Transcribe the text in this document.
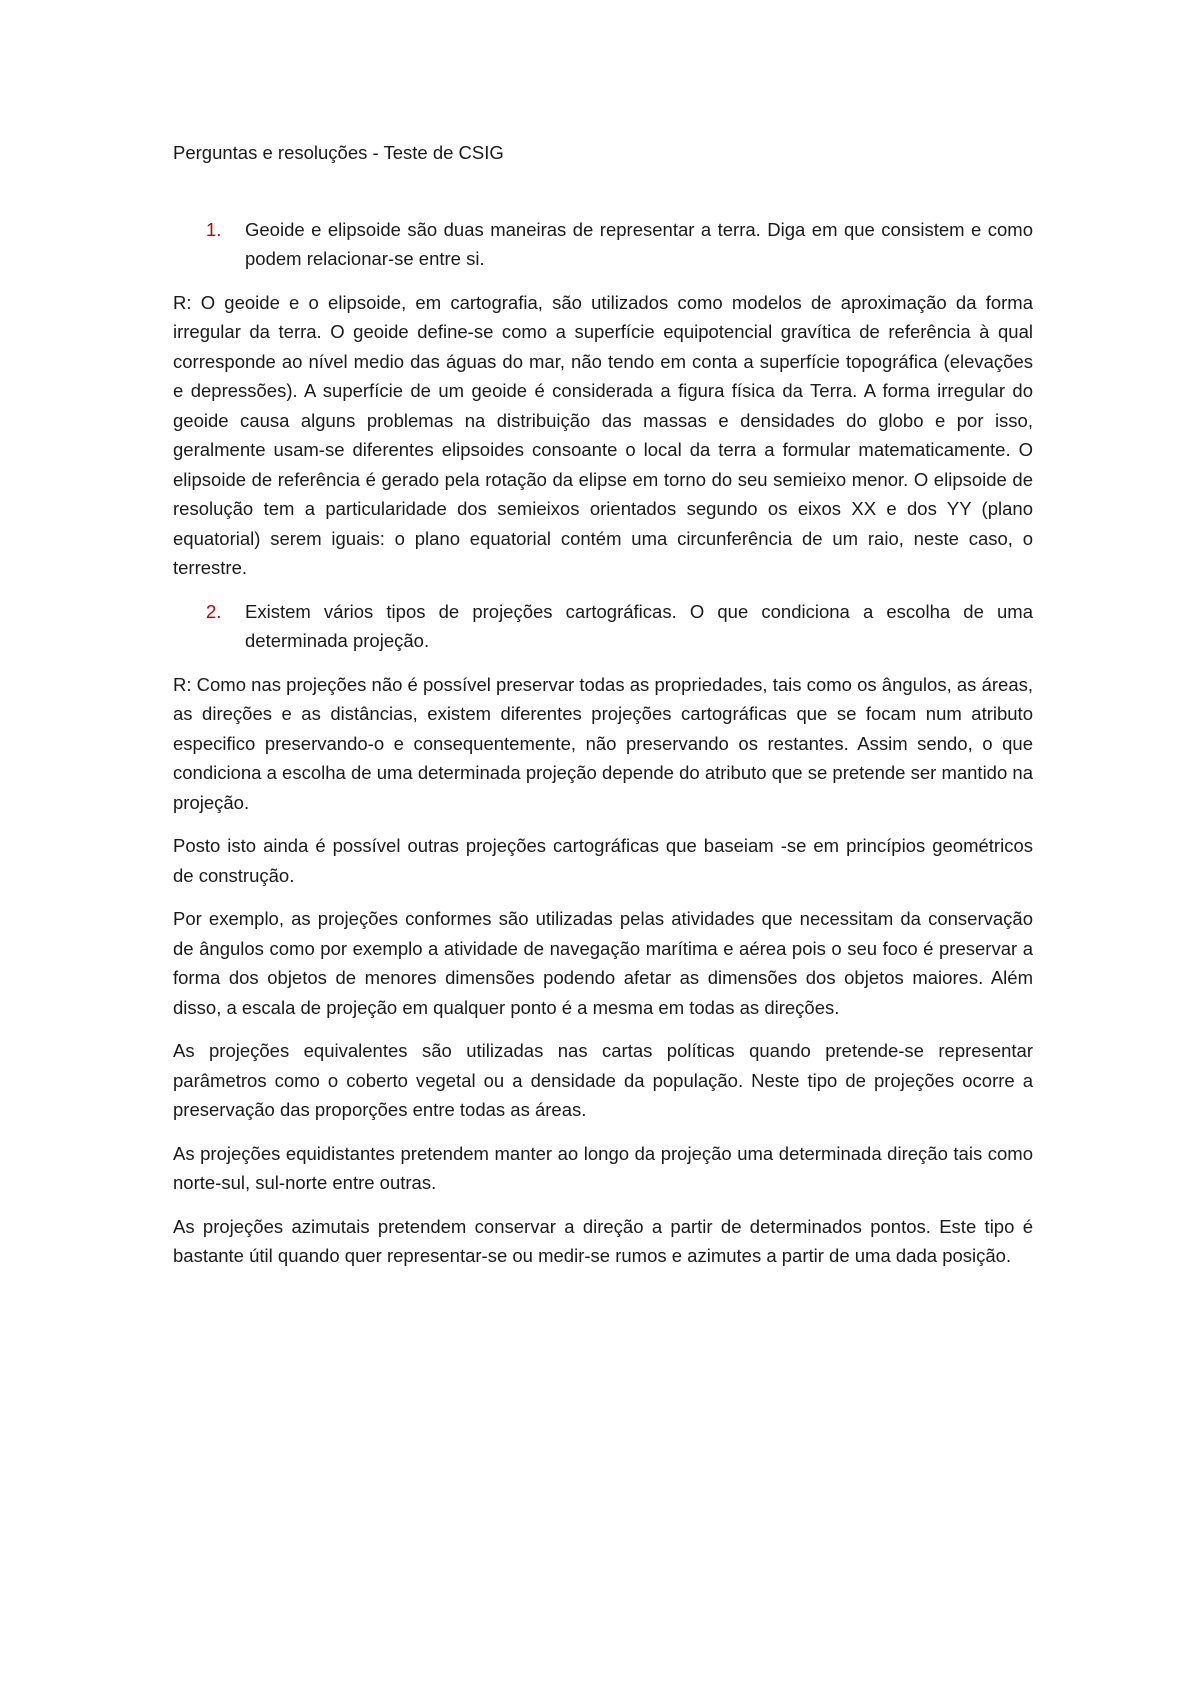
Perguntas e resoluções - Teste de CSIG

1.	Geoide e elipsoide são duas maneiras de representar a terra. Diga em que consistem e como podem relacionar-se entre si.

R: O geoide e o elipsoide, em cartografia, são utilizados como modelos de aproximação da forma irregular da terra. O geoide define-se como a superfície equipotencial gravítica de referência à qual corresponde ao nível medio das águas do mar, não tendo em conta a superfície topográfica (elevações e depressões). A superfície de um geoide é considerada a figura física da Terra. A forma irregular do geoide causa alguns problemas na distribuição das massas e densidades do globo e por isso, geralmente usam-se diferentes elipsoides consoante o local da terra a formular matematicamente. O elipsoide de referência é gerado pela rotação da elipse em torno do seu semieixo menor. O elipsoide de resolução tem a particularidade dos semieixos orientados segundo os eixos XX e dos YY (plano equatorial) serem iguais: o plano equatorial contém uma circunferência de um raio, neste caso, o terrestre.

2.	Existem vários tipos de projeções cartográficas. O que condiciona a escolha de uma determinada projeção.

R: Como nas projeções não é possível preservar todas as propriedades, tais como os ângulos, as áreas, as direções e as distâncias, existem diferentes projeções cartográficas que se focam num atributo especifico preservando-o e consequentemente, não preservando os restantes. Assim sendo, o que condiciona a escolha de uma determinada projeção depende do atributo que se pretende ser mantido na projeção.

Posto isto ainda é possível outras projeções cartográficas que baseiam -se em princípios geométricos de construção.

Por exemplo, as projeções conformes são utilizadas pelas atividades que necessitam da conservação de ângulos como por exemplo a atividade de navegação marítima e aérea pois o seu foco é preservar a forma dos objetos de menores dimensões podendo afetar as dimensões dos objetos maiores. Além disso, a escala de projeção em qualquer ponto é a mesma em todas as direções.

As projeções equivalentes são utilizadas nas cartas políticas quando pretende-se representar parâmetros como o coberto vegetal ou a densidade da população. Neste tipo de projeções ocorre a preservação das proporções entre todas as áreas.

As projeções equidistantes pretendem manter ao longo da projeção uma determinada direção tais como norte-sul, sul-norte entre outras.

As projeções azimutais pretendem conservar a direção a partir de determinados pontos. Este tipo é bastante útil quando quer representar-se ou medir-se rumos e azimutes a partir de uma dada posição.
